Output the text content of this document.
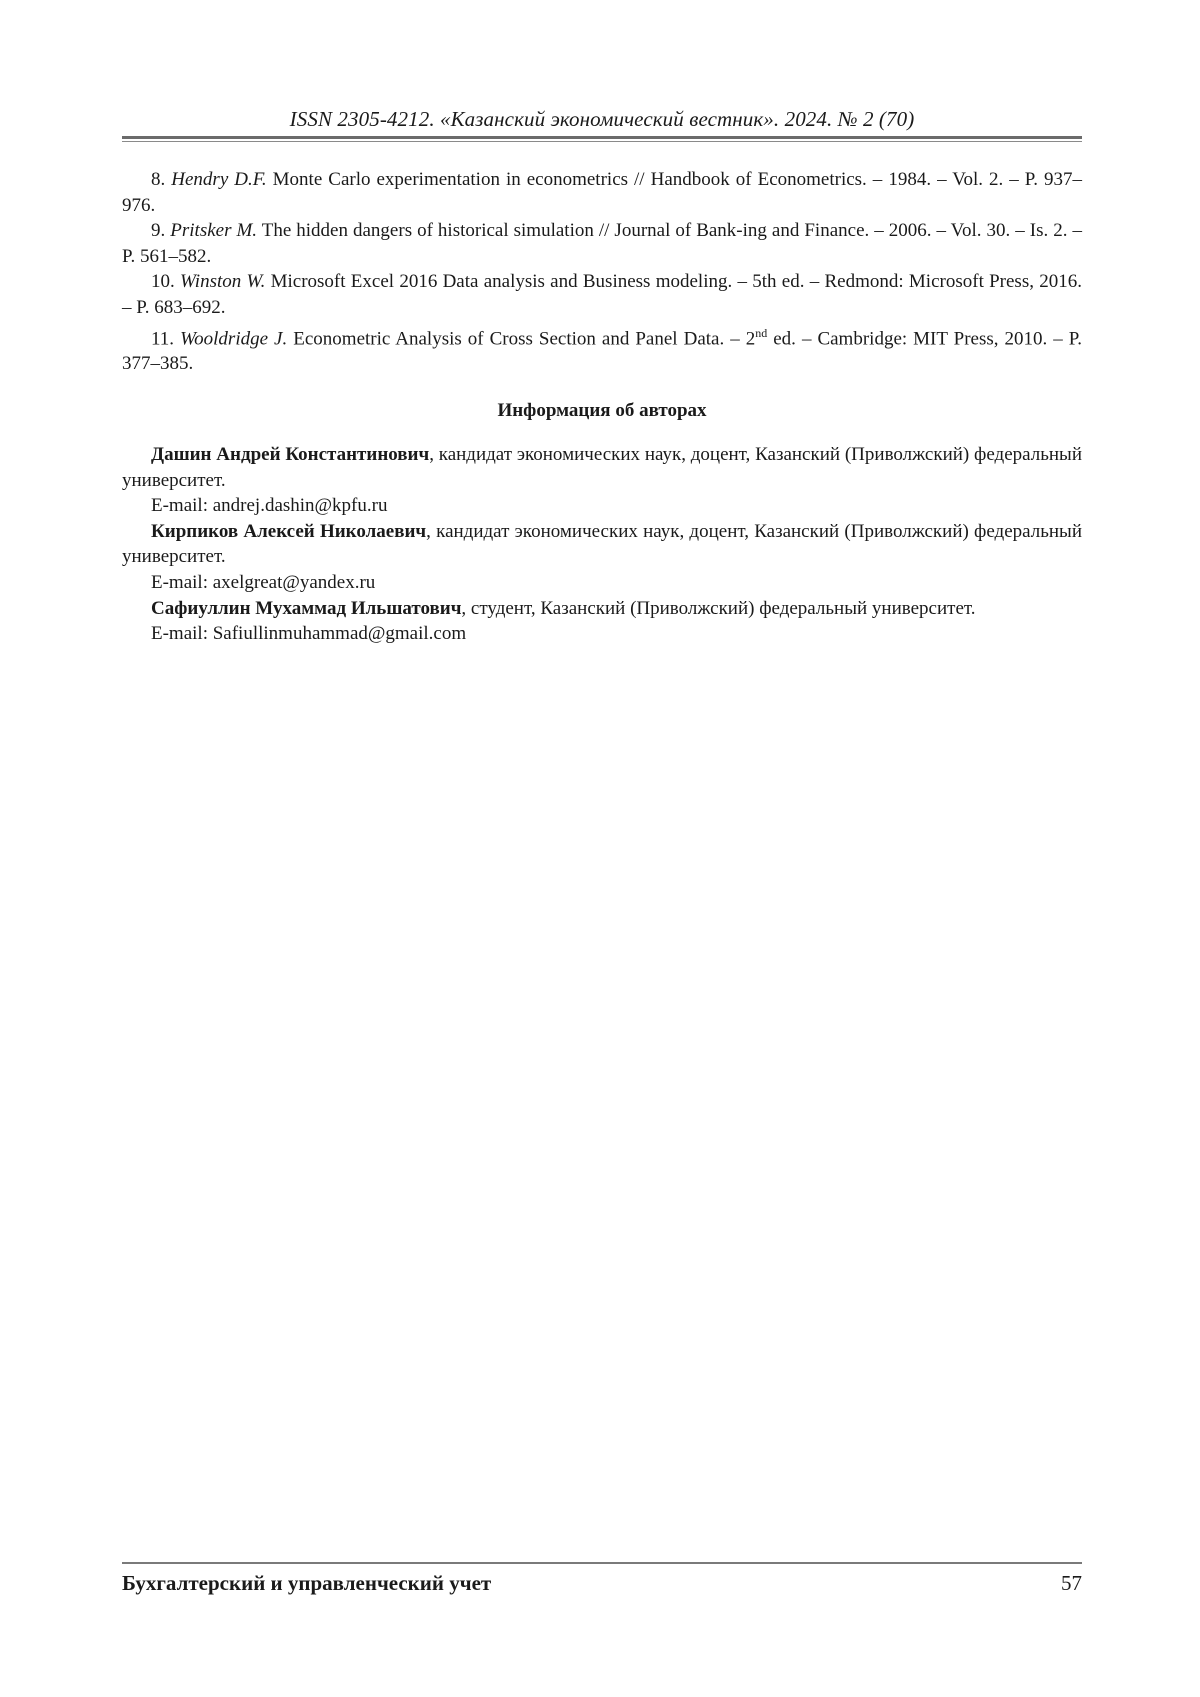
ISSN 2305-4212. «Казанский экономический вестник». 2024. № 2 (70)

8. Hendry D.F. Monte Carlo experimentation in econometrics // Handbook of Econometrics. – 1984. – Vol. 2. – P. 937–976.

9. Pritsker M. The hidden dangers of historical simulation // Journal of Bank-ing and Finance. – 2006. – Vol. 30. – Is. 2. – P. 561–582.

10. Winston W. Microsoft Excel 2016 Data analysis and Business modeling. – 5th ed. – Redmond: Microsoft Press, 2016. – P. 683–692.

11. Wooldridge J. Econometric Analysis of Cross Section and Panel Data. – 2nd ed. – Cambridge: MIT Press, 2010. – P. 377–385.

Информация об авторах

Дашин Андрей Константинович, кандидат экономических наук, доцент, Казанский (Приволжский) федеральный университет.

E-mail: andrej.dashin@kpfu.ru

Кирпиков Алексей Николаевич, кандидат экономических наук, доцент, Казанский (Приволжский) федеральный университет.

E-mail: axelgreat@yandex.ru

Сафиуллин Мухаммад Ильшатович, студент, Казанский (Приволжский) федеральный университет.

E-mail: Safiullinmuhammad@gmail.com

Бухгалтерский и управленческий учет	57
